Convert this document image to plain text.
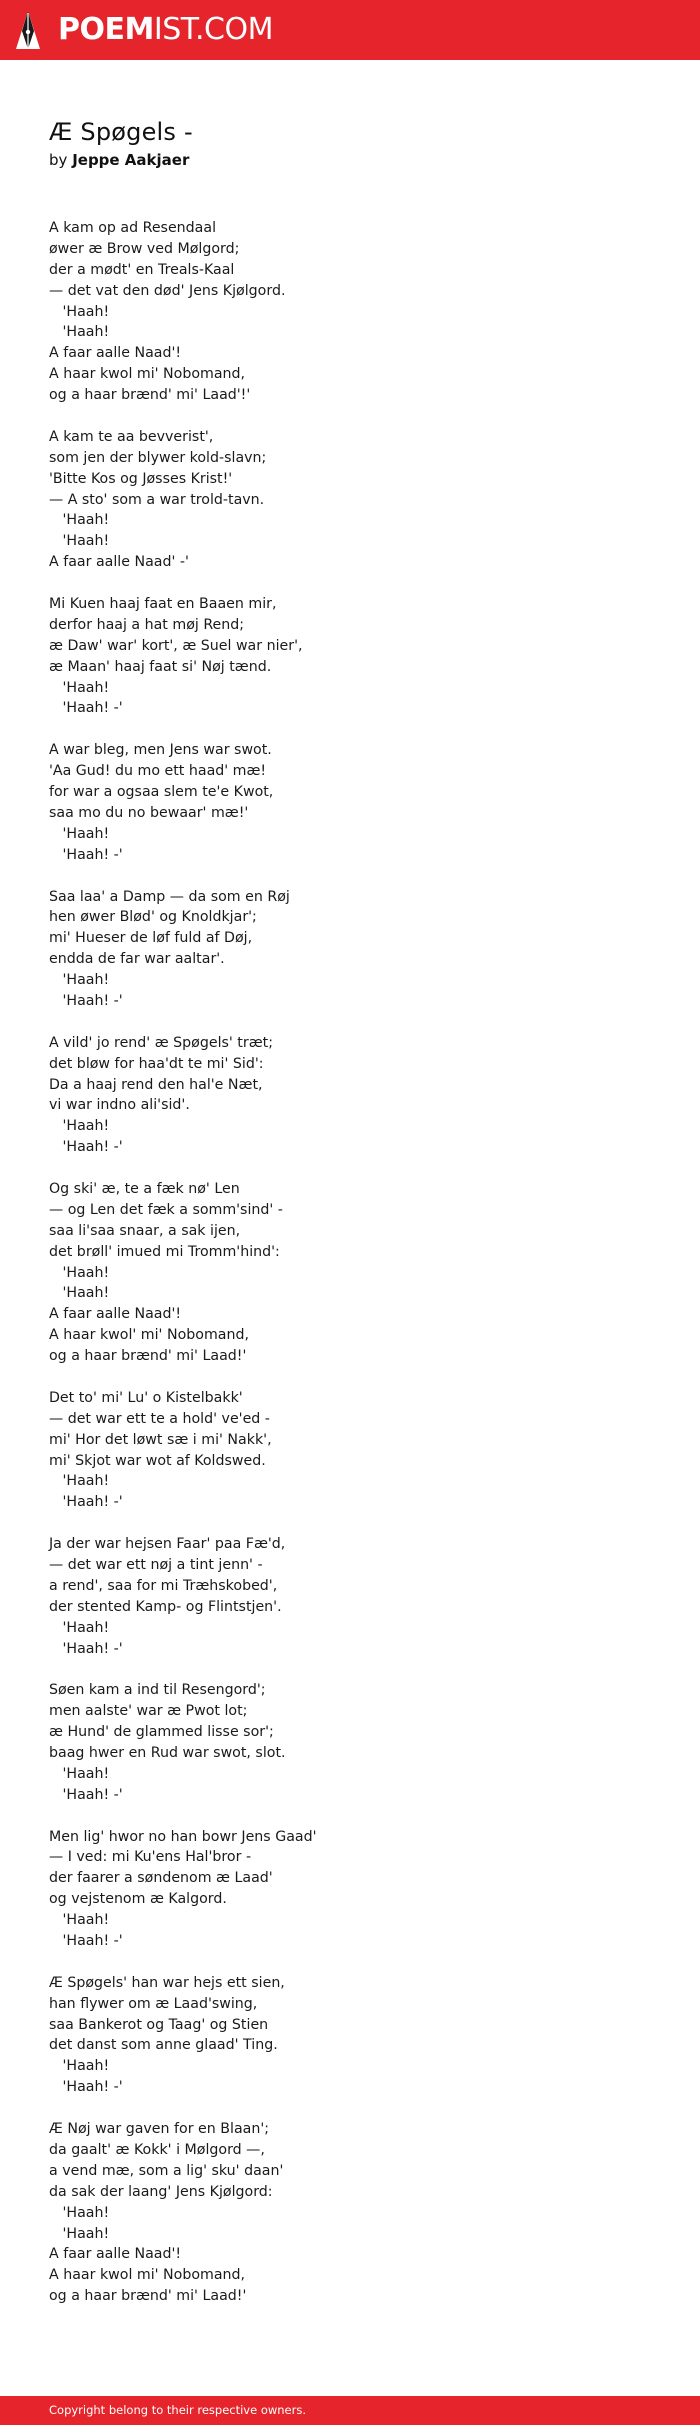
POEMIST.COM
Æ Spøgels -
by Jeppe Aakjaer
A kam op ad Resendaal
øwer æ Brow ved Mølgord;
der a mødt' en Treals-Kaal
— det vat den død' Jens Kjølgord.
'Haah!
'Haah!
A faar aalle Naad'!
A haar kwol mi' Nobomand,
og a haar brænd' mi' Laad'!'
A kam te aa bevverist',
som jen der blywer kold-slavn;
'Bitte Kos og Jøsses Krist!'
— A sto' som a war trold-tavn.
'Haah!
'Haah!
A faar aalle Naad' -'
Mi Kuen haaj faat en Baaen mir,
derfor haaj a hat møj Rend;
æ Daw' war' kort', æ Suel war nier',
æ Maan' haaj faat si' Nøj tænd.
'Haah!
'Haah! -'
A war bleg, men Jens war swot.
'Aa Gud! du mo ett haad' mæ!
for war a ogsaa slem te'e Kwot,
saa mo du no bewaar' mæ!'
'Haah!
'Haah! -'
Saa laa' a Damp — da som en Røj
hen øwer Blød' og Knoldkjar';
mi' Hueser de løf fuld af Døj,
endda de far war aaltar'.
'Haah!
'Haah! -'
A vild' jo rend' æ Spøgels' træt;
det bløw for haa'dt te mi' Sid':
Da a haaj rend den hal'e Næt,
vi war indno ali'sid'.
'Haah!
'Haah! -'
Og ski' æ, te a fæk nø' Len
— og Len det fæk a somm'sind' -
saa li'saa snaar, a sak ijen,
det brøll' imued mi Tromm'hind':
'Haah!
'Haah!
A faar aalle Naad'!
A haar kwol' mi' Nobomand,
og a haar brænd' mi' Laad!'
Det to' mi' Lu' o Kistelbakk'
— det war ett te a hold' ve'ed -
mi' Hor det løwt sæ i mi' Nakk',
mi' Skjot war wot af Koldswed.
'Haah!
'Haah! -'
Ja der war hejsen Faar' paa Fæ'd,
— det war ett nøj a tint jenn' -
a rend', saa for mi Træhskobed',
der stented Kamp- og Flintstjen'.
'Haah!
'Haah! -'
Søen kam a ind til Resengord';
men aalste' war æ Pwot lot;
æ Hund' de glammed lisse sor';
baag hwer en Rud war swot, slot.
'Haah!
'Haah! -'
Men lig' hwor no han bowr Jens Gaad'
— I ved: mi Ku'ens Hal'bror -
der faarer a søndenom æ Laad'
og vejstenom æ Kalgord.
'Haah!
'Haah! -'
Æ Spøgels' han war hejs ett sien,
han flywer om æ Laad'swing,
saa Bankerot og Taag' og Stien
det danst som anne glaad' Ting.
'Haah!
'Haah! -'
Æ Nøj war gaven for en Blaan';
da gaalt' æ Kokk' i Mølgord —,
a vend mæ, som a lig' sku' daan'
da sak der laang' Jens Kjølgord:
'Haah!
'Haah!
A faar aalle Naad'!
A haar kwol mi' Nobomand,
og a haar brænd' mi' Laad!'
Copyright belong to their respective owners.
